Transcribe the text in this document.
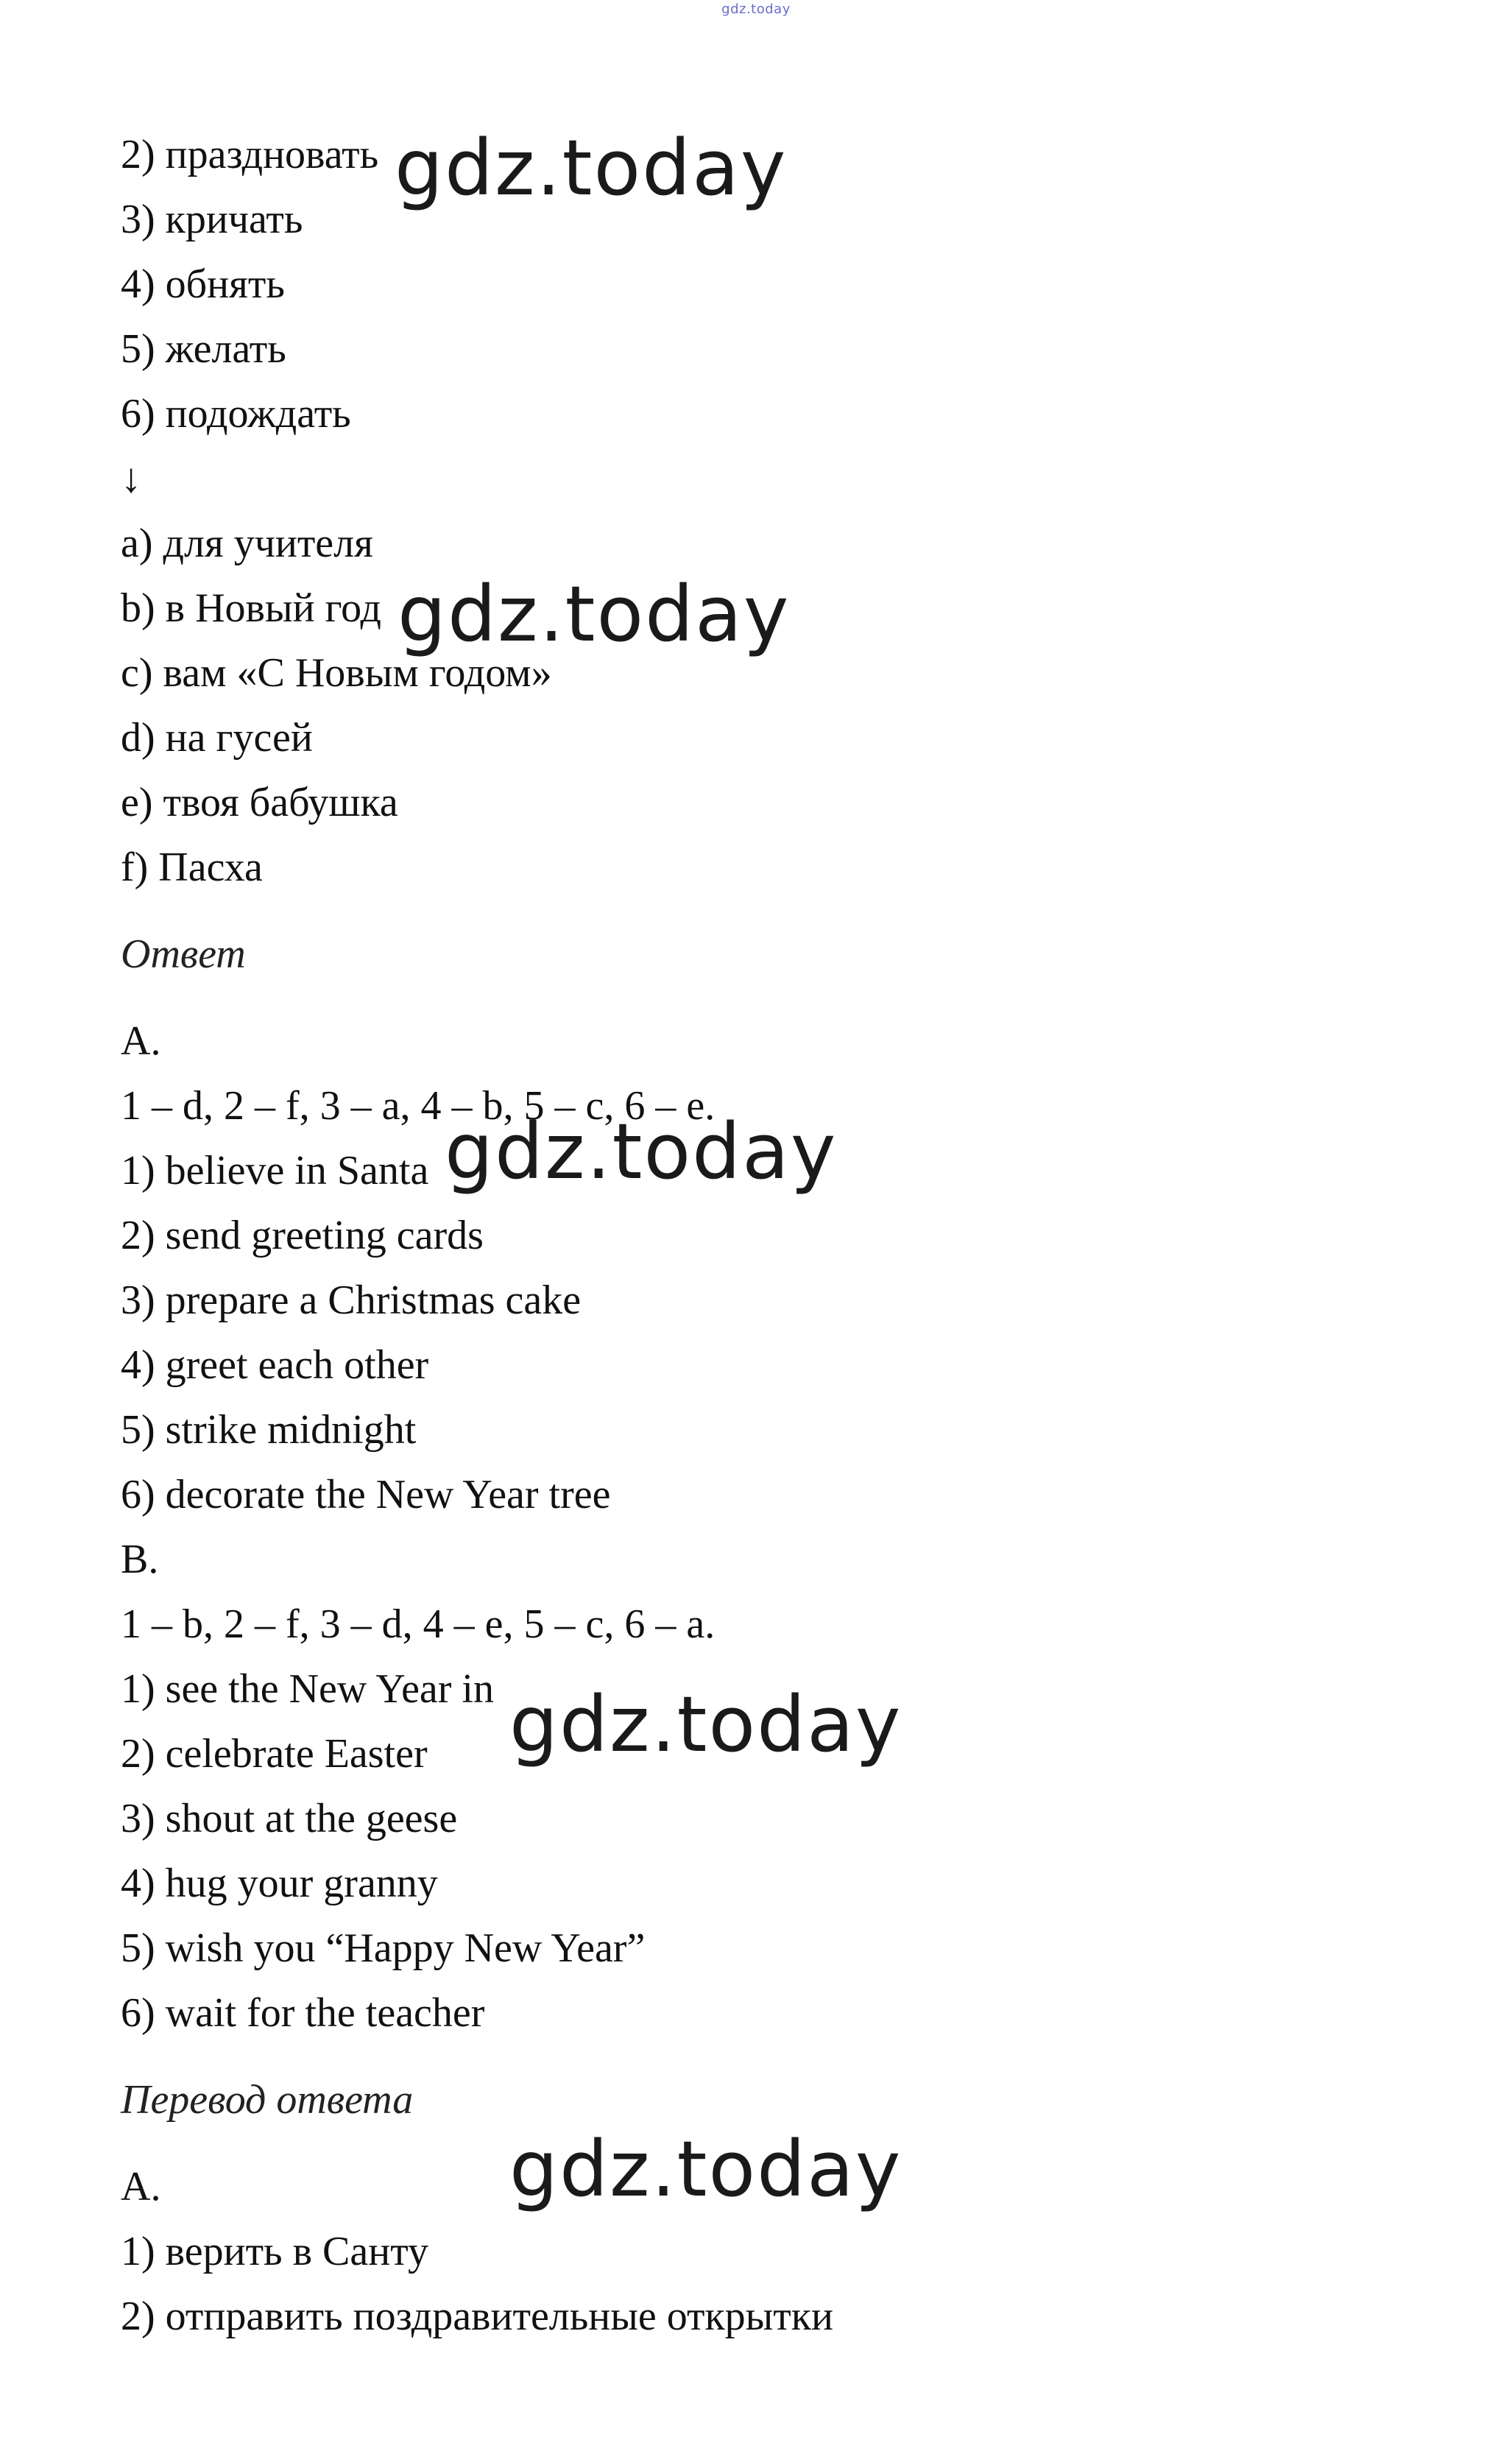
gdz.today
2) праздновать
3) кричать
4) обнять
5) желать
6) подождать
↓
a) для учителя
b) в Новый год
c) вам «С Новым годом»
d) на гусей
e) твоя бабушка
f) Пасха
Ответ
A.
1 – d, 2 – f, 3 – a, 4 – b, 5 – c, 6 – e.
1) believe in Santa
2) send greeting cards
3) prepare a Christmas cake
4) greet each other
5) strike midnight
6) decorate the New Year tree
B.
1 – b, 2 – f, 3 – d, 4 – e, 5 – c, 6 – a.
1) see the New Year in
2) celebrate Easter
3) shout at the geese
4) hug your granny
5) wish you “Happy New Year”
6) wait for the teacher
Перевод ответа
A.
1) верить в Санту
2) отправить поздравительные открытки
gdz.today
gdz.today
gdz.today
gdz.today
gdz.today
